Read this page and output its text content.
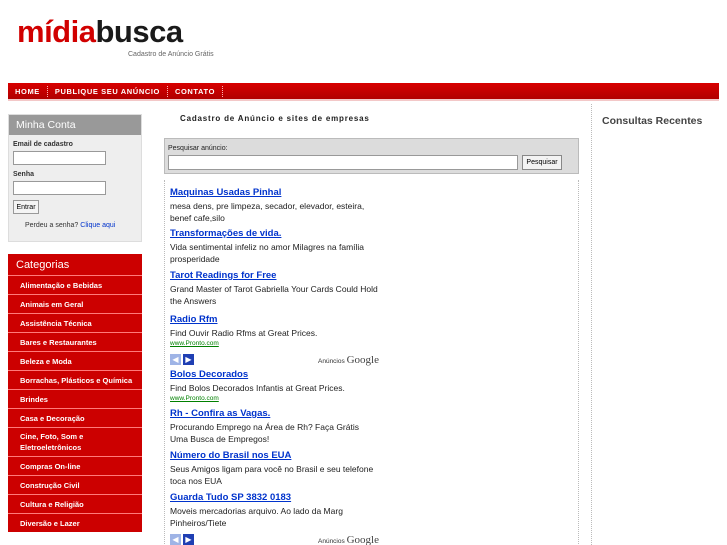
mídiabusca
Cadastro de Anúncio Grátis
HOME	PUBLIQUE SEU ANÚNCIO	CONTATO
Minha Conta
Email de cadastro
Senha
Entrar
Perdeu a senha? Clique aqui
Categorias
Alimentação e Bebidas
Animais em Geral
Assistência Técnica
Bares e Restaurantes
Beleza e Moda
Borrachas, Plásticos e Química
Brindes
Casa e Decoração
Cine, Foto, Som e Eletroeletrônicos
Compras On-line
Construção Civil
Cultura e Religião
Diversão e Lazer
Cadastro de Anúncio e sites de empresas
Pesquisar anúncio:
Pesquisar
Maquinas Usadas Pinhal
mesa dens, pre limpeza, secador, elevador, esteira, benef cafe,silo
Transformações de vida.
Vida sentimental infeliz no amor Milagres na família prosperidade
Tarot Readings for Free
Grand Master of Tarot Gabriella Your Cards Could Hold the Answers
Radio Rfm
Find Ouvir Radio Rfms at Great Prices.
www.Pronto.com
◀ ▶	Anúncios Google
Bolos Decorados
Find Bolos Decorados Infantis at Great Prices.
www.Pronto.com
Rh - Confira as Vagas.
Procurando Emprego na Área de Rh? Faça Grátis Uma Busca de Empregos!
Número do Brasil nos EUA
Seus Amigos ligam para você no Brasil e seu telefone toca nos EUA
Guarda Tudo SP 3832 0183
Moveis mercadorias arquivo. Ao lado da Marg Pinheiros/Tiete
◀ ▶	Anúncios Google
Consultas Recentes
